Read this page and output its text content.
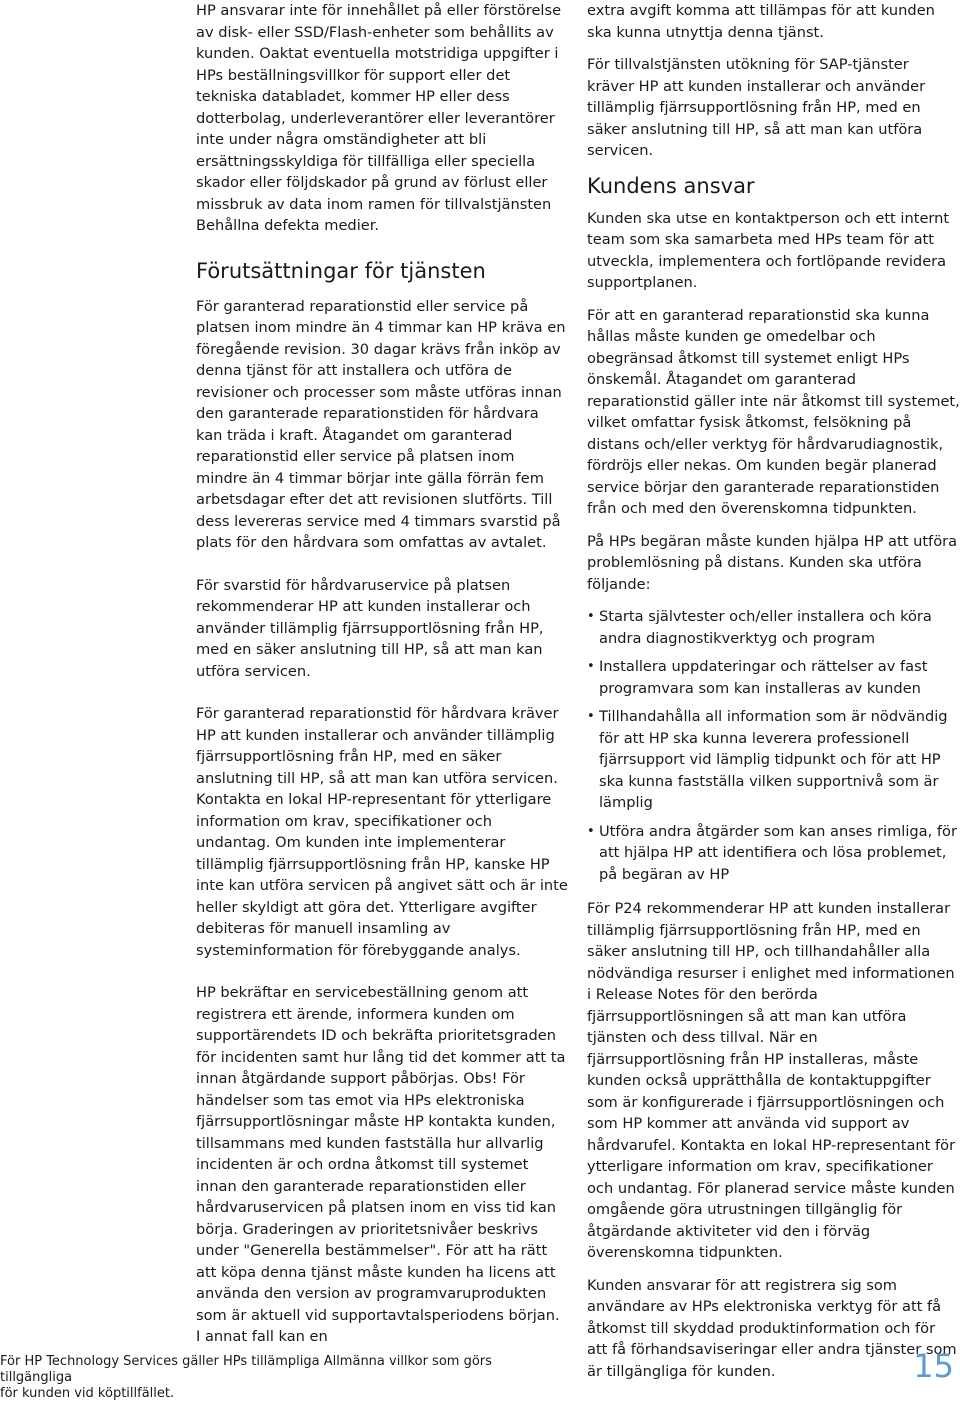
HP ansvarar inte för innehållet på eller förstörelse av disk- eller SSD/Flash-enheter som behållits av kunden. Oaktat eventuella motstridiga uppgifter i HPs beställningsvillkor för support eller det tekniska databladet, kommer HP eller dess dotterbolag, underleverantörer eller leverantörer inte under några omständigheter att bli ersättningsskyldiga för tillfälliga eller speciella skador eller följdskador på grund av förlust eller missbruk av data inom ramen för tillvalstjänsten Behållna defekta medier.

Förutsättningar för tjänsten

För garanterad reparationstid eller service på platsen inom mindre än 4 timmar kan HP kräva en föregående revision. 30 dagar krävs från inköp av denna tjänst för att installera och utföra de revisioner och processer som måste utföras innan den garanterade reparationstiden för hårdvara kan träda i kraft. Åtagandet om garanterad reparationstid eller service på platsen inom mindre än 4 timmar börjar inte gälla förrän fem arbetsdagar efter det att revisionen slutförts. Till dess levereras service med 4 timmars svarstid på plats för den hårdvara som omfattas av avtalet.

För svarstid för hårdvaruservice på platsen rekommenderar HP att kunden installerar och använder tillämplig fjärrsupportlösning från HP, med en säker anslutning till HP, så att man kan utföra servicen.

För garanterad reparationstid för hårdvara kräver HP att kunden installerar och använder tillämplig fjärrsupportlösning från HP, med en säker anslutning till HP, så att man kan utföra servicen. Kontakta en lokal HP-representant för ytterligare information om krav, specifikationer och undantag. Om kunden inte implementerar tillämplig fjärrsupportlösning från HP, kanske HP inte kan utföra servicen på angivet sätt och är inte heller skyldigt att göra det. Ytterligare avgifter debiteras för manuell insamling av systeminformation för förebyggande analys.

HP bekräftar en servicebeställning genom att registrera ett ärende, informera kunden om supportärendets ID och bekräfta prioritetsgraden för incidenten samt hur lång tid det kommer att ta innan åtgärdande support påbörjas. Obs! För händelser som tas emot via HPs elektroniska fjärrsupportlösningar måste HP kontakta kunden, tillsammans med kunden fastställa hur allvarlig incidenten är och ordna åtkomst till systemet innan den garanterade reparationstiden eller hårdvaruservicen på platsen inom en viss tid kan börja. Graderingen av prioritetsnivåer beskrivs under "Generella bestämmelser". För att ha rätt att köpa denna tjänst måste kunden ha licens att använda den version av programvaruprodukten som är aktuell vid supportavtalsperiodens början. I annat fall kan en

extra avgift komma att tillämpas för att kunden ska kunna utnyttja denna tjänst.

För tillvalstjänsten utökning för SAP-tjänster kräver HP att kunden installerar och använder tillämplig fjärrsupportlösning från HP, med en säker anslutning till HP, så att man kan utföra servicen.

Kundens ansvar

Kunden ska utse en kontaktperson och ett internt team som ska samarbeta med HPs team för att utveckla, implementera och fortlöpande revidera supportplanen.

För att en garanterad reparationstid ska kunna hållas måste kunden ge omedelbar och obegränsad åtkomst till systemet enligt HPs önskemål. Åtagandet om garanterad reparationstid gäller inte när åtkomst till systemet, vilket omfattar fysisk åtkomst, felsökning på distans och/eller verktyg för hårdvarudiagnostik, fördröjs eller nekas. Om kunden begär planerad service börjar den garanterade reparationstiden från och med den överenskomna tidpunkten.

På HPs begäran måste kunden hjälpa HP att utföra problemlösning på distans. Kunden ska utföra följande:

• Starta självtester och/eller installera och köra andra diagnostikverktyg och program
• Installera uppdateringar och rättelser av fast programvara som kan installeras av kunden
• Tillhandahålla all information som är nödvändig för att HP ska kunna leverera professionell fjärrsupport vid lämplig tidpunkt och för att HP ska kunna fastställa vilken supportnivå som är lämplig
• Utföra andra åtgärder som kan anses rimliga, för att hjälpa HP att identifiera och lösa problemet, på begäran av HP

För P24 rekommenderar HP att kunden installerar tillämplig fjärrsupportlösning från HP, med en säker anslutning till HP, och tillhandahåller alla nödvändiga resurser i enlighet med informationen i Release Notes för den berörda fjärrsupportlösningen så att man kan utföra tjänsten och dess tillval. När en fjärrsupportlösning från HP installeras, måste kunden också upprätthålla de kontaktuppgifter som är konfigurerade i fjärrsupportlösningen och som HP kommer att använda vid support av hårdvarufel. Kontakta en lokal HP-representant för ytterligare information om krav, specifikationer och undantag. För planerad service måste kunden omgående göra utrustningen tillgänglig för åtgärdande aktiviteter vid den i förväg överenskomna tidpunkten.

Kunden ansvarar för att registrera sig som användare av HPs elektroniska verktyg för att få åtkomst till skyddad produktinformation och för att få förhandsaviseringar eller andra tjänster som är tillgängliga för kunden.

För HP Technology Services gäller HPs tillämpliga Allmänna villkor som görs tillgängliga
för kunden vid köptillfället.
15
